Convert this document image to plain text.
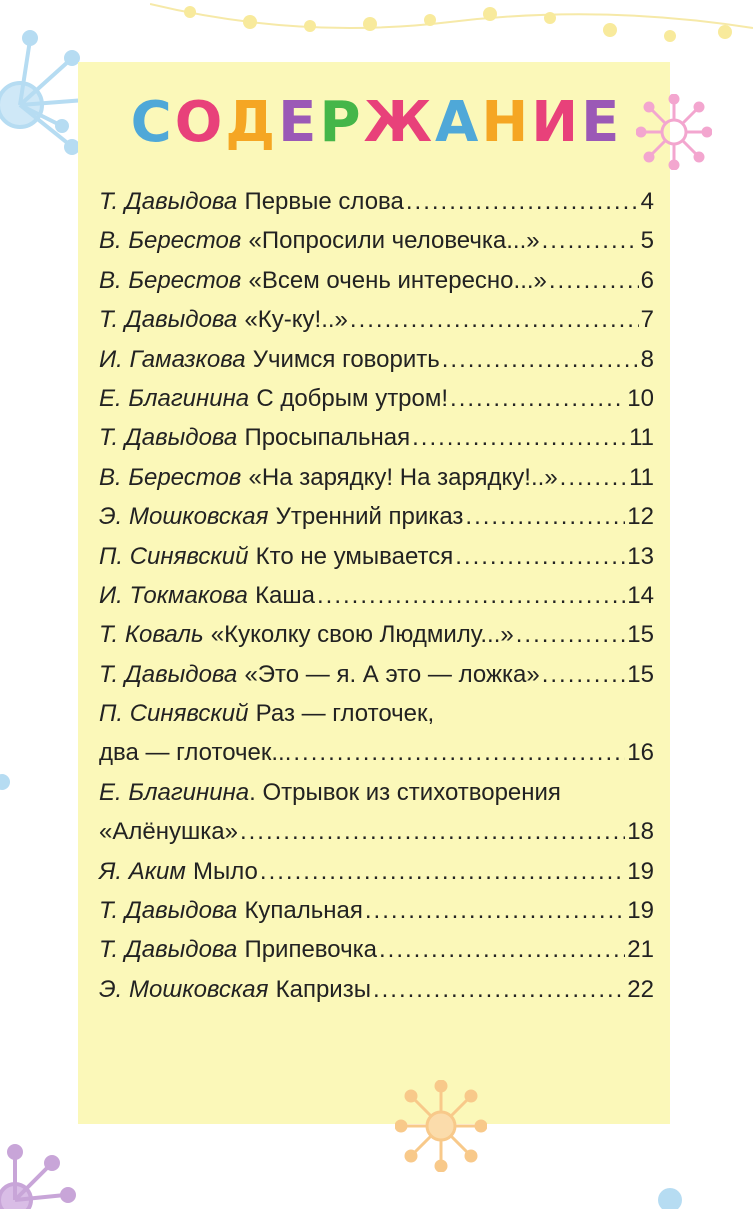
СОДЕРЖАНИЕ
Т. Давыдова Первые слова .....	4
В. Берестов «Попросили человечка...» .....	5
В. Берестов «Всем очень интересно...» .....	6
Т. Давыдова «Ку-ку!..» .....	7
И. Гамазкова Учимся говорить .....	8
Е. Благинина С добрым утром! .....	10
Т. Давыдова Просыпальная .....	11
В. Берестов «На зарядку! На зарядку!..» .....	11
Э. Мошковская Утренний приказ .....	12
П. Синявский Кто не умывается .....	13
И. Токмакова Каша .....	14
Т. Коваль «Куколку свою Людмилу...» .....	15
Т. Давыдова «Это — я. А это — ложка» .....	15
П. Синявский Раз — глоточек,
два — глоточек... .....	16
Е. Благинина . Отрывок из стихотворения
«Алёнушка» .....	18
Я. Аким Мыло .....	19
Т. Давыдова Купальная .....	19
Т. Давыдова Припевочка .....	21
Э. Мошковская Капризы .....	22
